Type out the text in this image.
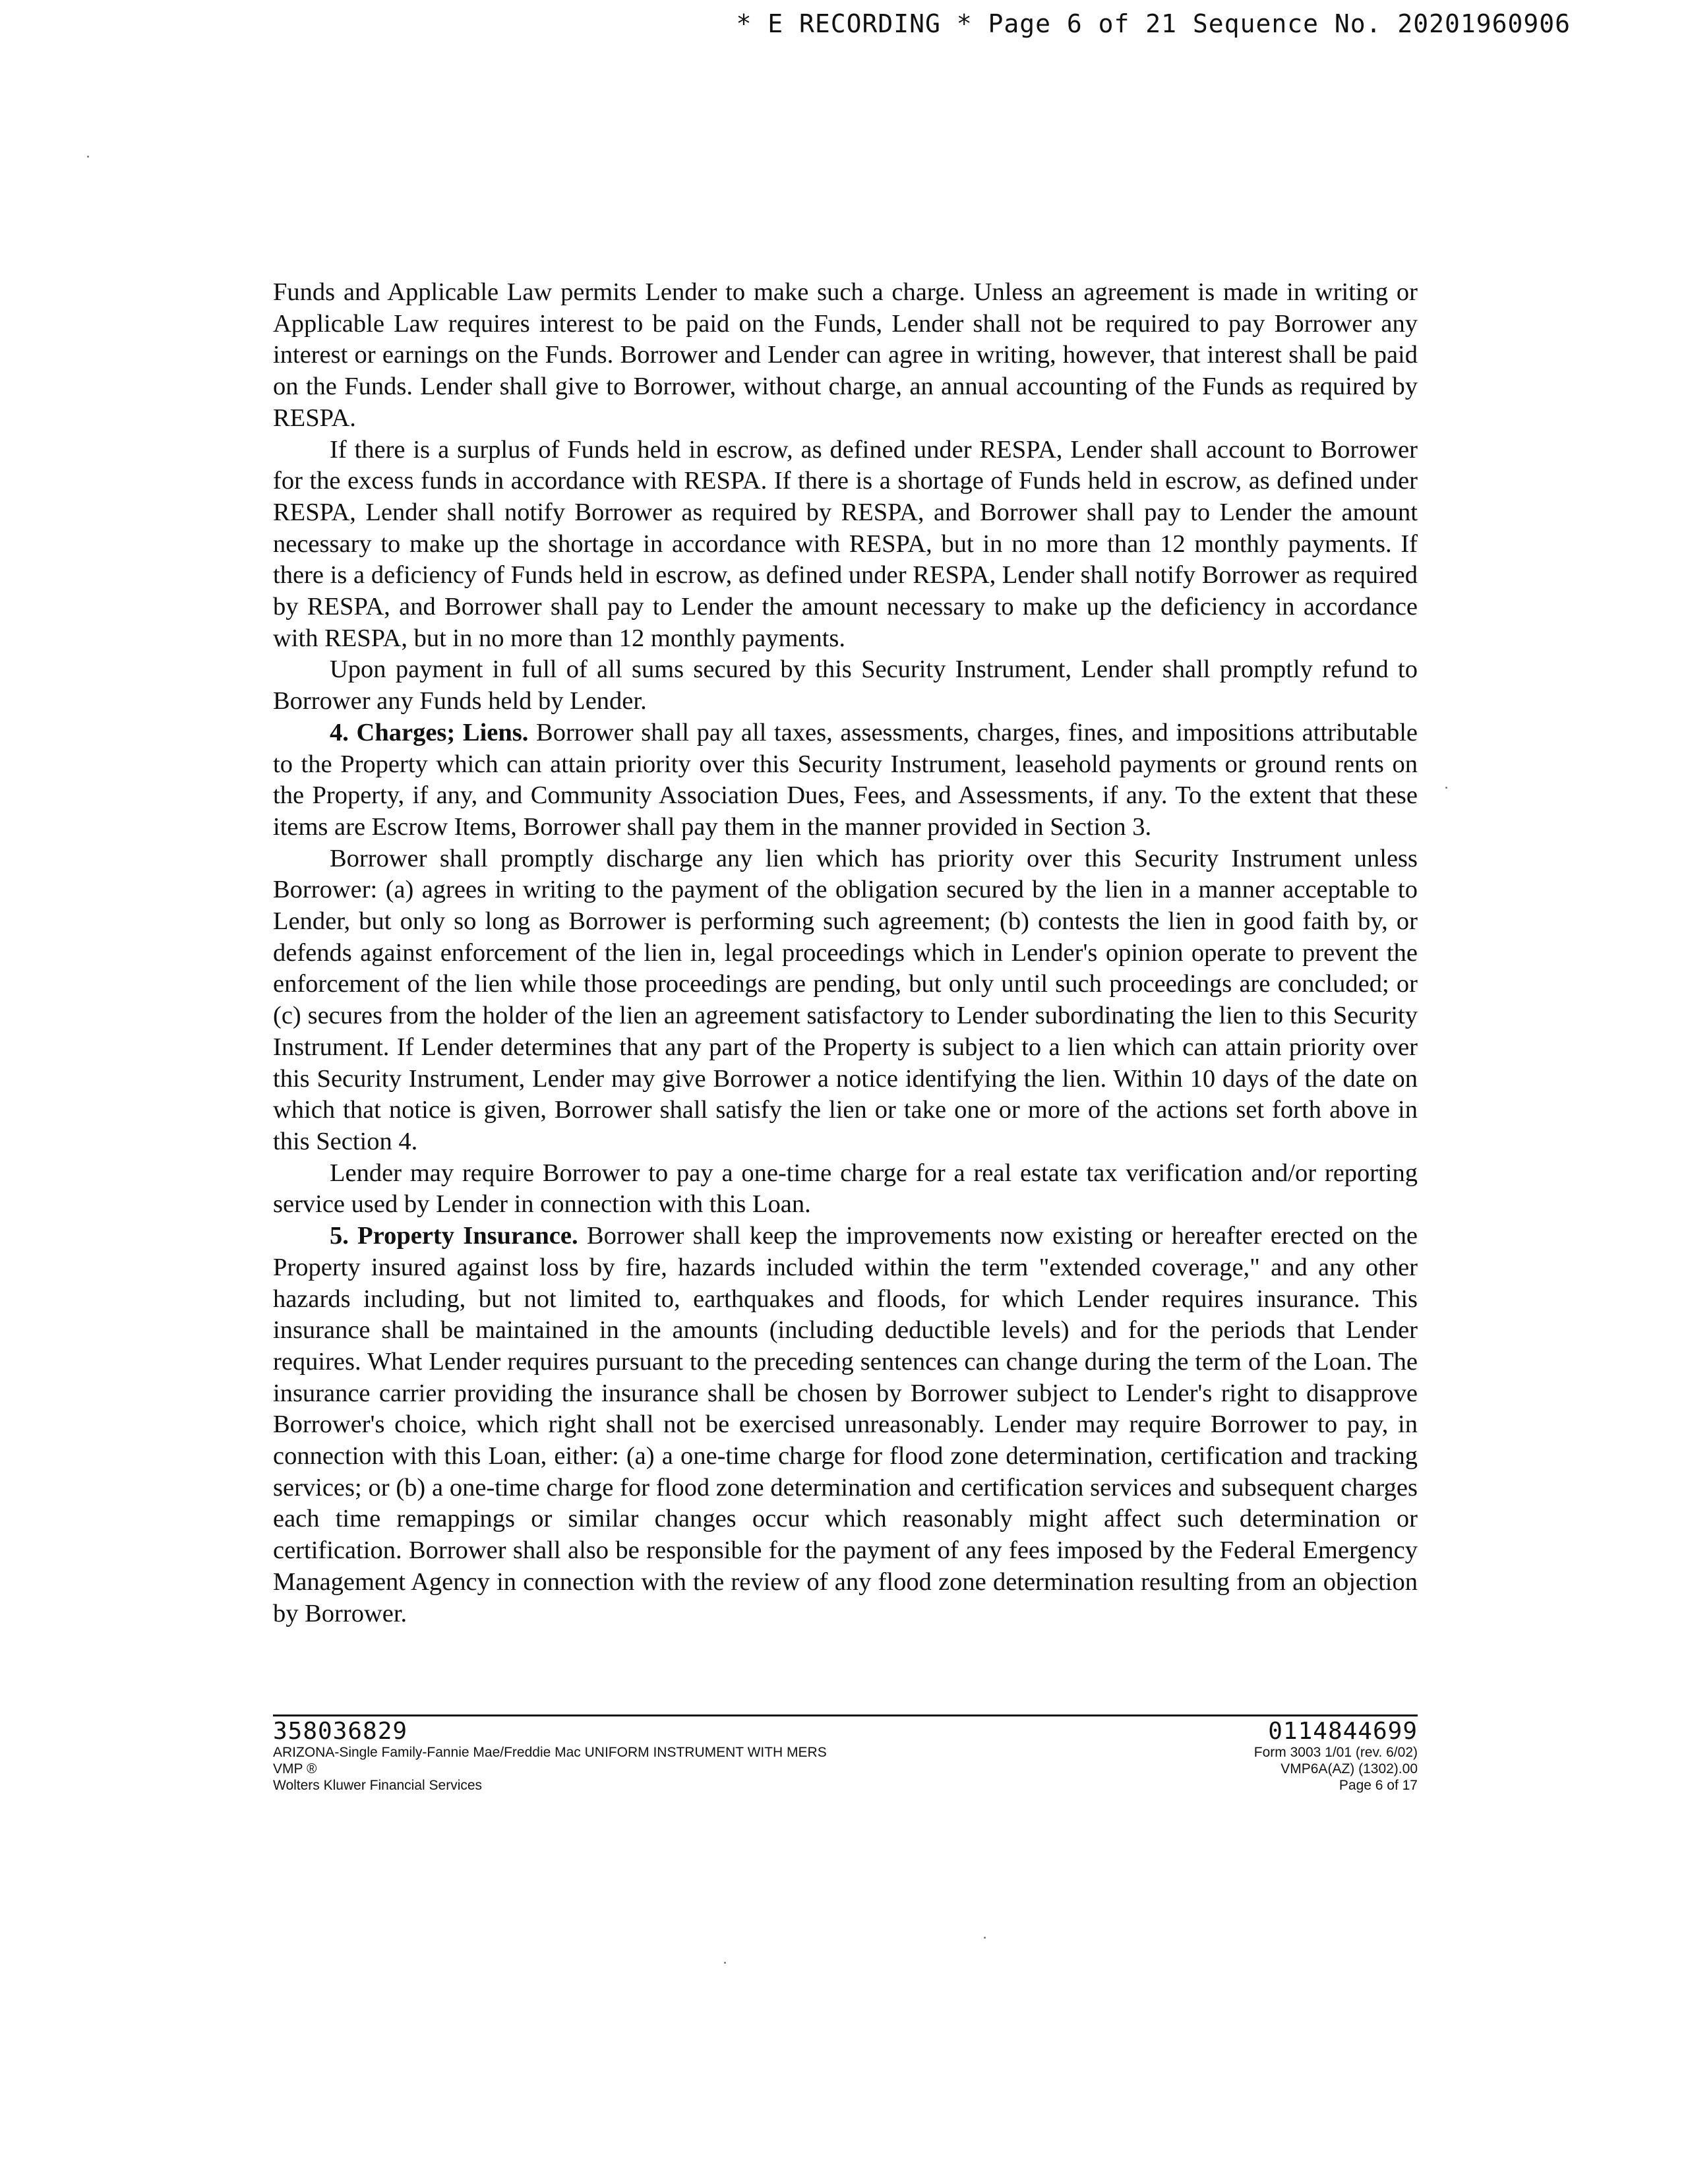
* E RECORDING * Page 6 of 21 Sequence No. 20201960906

Funds and Applicable Law permits Lender to make such a charge. Unless an agreement is made in writing or Applicable Law requires interest to be paid on the Funds, Lender shall not be required to pay Borrower any interest or earnings on the Funds. Borrower and Lender can agree in writing, however, that interest shall be paid on the Funds. Lender shall give to Borrower, without charge, an annual accounting of the Funds as required by RESPA.

If there is a surplus of Funds held in escrow, as defined under RESPA, Lender shall account to Borrower for the excess funds in accordance with RESPA. If there is a shortage of Funds held in escrow, as defined under RESPA, Lender shall notify Borrower as required by RESPA, and Borrower shall pay to Lender the amount necessary to make up the shortage in accordance with RESPA, but in no more than 12 monthly payments. If there is a deficiency of Funds held in escrow, as defined under RESPA, Lender shall notify Borrower as required by RESPA, and Borrower shall pay to Lender the amount necessary to make up the deficiency in accordance with RESPA, but in no more than 12 monthly payments.

Upon payment in full of all sums secured by this Security Instrument, Lender shall promptly refund to Borrower any Funds held by Lender.

4. Charges; Liens. Borrower shall pay all taxes, assessments, charges, fines, and impositions attributable to the Property which can attain priority over this Security Instrument, leasehold payments or ground rents on the Property, if any, and Community Association Dues, Fees, and Assessments, if any. To the extent that these items are Escrow Items, Borrower shall pay them in the manner provided in Section 3.

Borrower shall promptly discharge any lien which has priority over this Security Instrument unless Borrower: (a) agrees in writing to the payment of the obligation secured by the lien in a manner acceptable to Lender, but only so long as Borrower is performing such agreement; (b) contests the lien in good faith by, or defends against enforcement of the lien in, legal proceedings which in Lender's opinion operate to prevent the enforcement of the lien while those proceedings are pending, but only until such proceedings are concluded; or (c) secures from the holder of the lien an agreement satisfactory to Lender subordinating the lien to this Security Instrument. If Lender determines that any part of the Property is subject to a lien which can attain priority over this Security Instrument, Lender may give Borrower a notice identifying the lien. Within 10 days of the date on which that notice is given, Borrower shall satisfy the lien or take one or more of the actions set forth above in this Section 4.

Lender may require Borrower to pay a one-time charge for a real estate tax verification and/or reporting service used by Lender in connection with this Loan.

5. Property Insurance. Borrower shall keep the improvements now existing or hereafter erected on the Property insured against loss by fire, hazards included within the term "extended coverage," and any other hazards including, but not limited to, earthquakes and floods, for which Lender requires insurance. This insurance shall be maintained in the amounts (including deductible levels) and for the periods that Lender requires. What Lender requires pursuant to the preceding sentences can change during the term of the Loan. The insurance carrier providing the insurance shall be chosen by Borrower subject to Lender's right to disapprove Borrower's choice, which right shall not be exercised unreasonably. Lender may require Borrower to pay, in connection with this Loan, either: (a) a one-time charge for flood zone determination, certification and tracking services; or (b) a one-time charge for flood zone determination and certification services and subsequent charges each time remappings or similar changes occur which reasonably might affect such determination or certification. Borrower shall also be responsible for the payment of any fees imposed by the Federal Emergency Management Agency in connection with the review of any flood zone determination resulting from an objection by Borrower.

358036829
ARIZONA-Single Family-Fannie Mae/Freddie Mac UNIFORM INSTRUMENT WITH MERS
VMP ®
Wolters Kluwer Financial Services
0114844699
Form 3003 1/01 (rev. 6/02)
VMP6A(AZ) (1302).00
Page 6 of 17
